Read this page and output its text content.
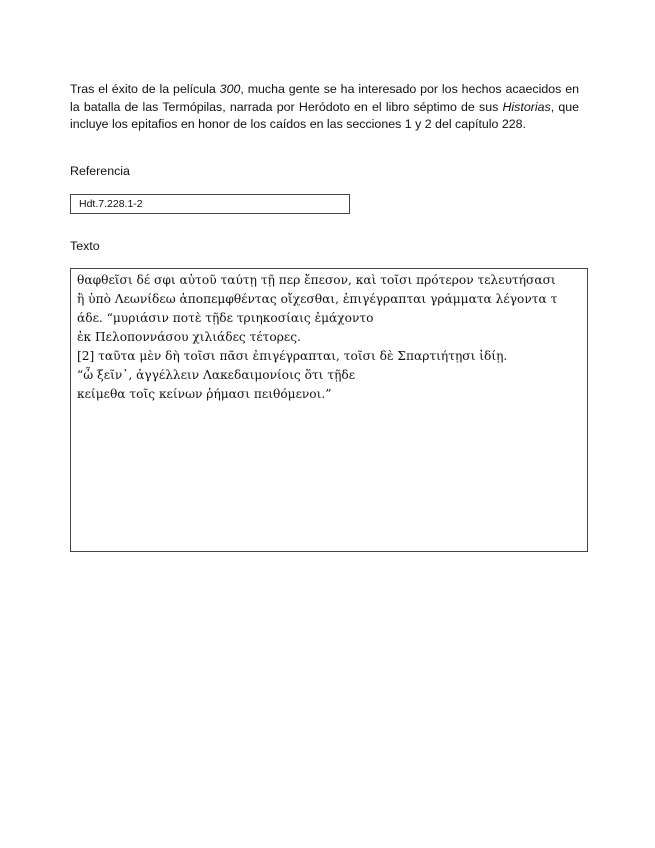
Tras el éxito de la película 300, mucha gente se ha interesado por los hechos acaecidos en la batalla de las Termópilas, narrada por Heródoto en el libro séptimo de sus Historias, que incluye los epitafios en honor de los caídos en las secciones 1 y 2 del capítulo 228.

Referencia

Hdt.7.228.1-2

Texto

θαφθεῖσι δέ σφι αὐτοῦ ταύτῃ τῇ περ ἔπεσον, καὶ τοῖσι πρότερον τελευτήσασι
ἢ ὑπὸ Λεωνίδεω ἀποπεμφθέντας οἴχεσθαι, ἐπιγέγραπται γράμματα λέγοντα τ
άδε. “μυριάσιν ποτὲ τῇδε τριηκοσίαις ἐμάχοντο
ἐκ Πελοποννάσου χιλιάδες τέτορες.
[2] ταῦτα μὲν δὴ τοῖσι πᾶσι ἐπιγέγραπται, τοῖσι δὲ Σπαρτιήτῃσι ἰδίῃ.
“ὦ ξεῖν᾽, ἀγγέλλειν Λακεδαιμονίοις ὅτι τῇδε
κείμεθα τοῖς κείνων ῥήμασι πειθόμενοι.”
